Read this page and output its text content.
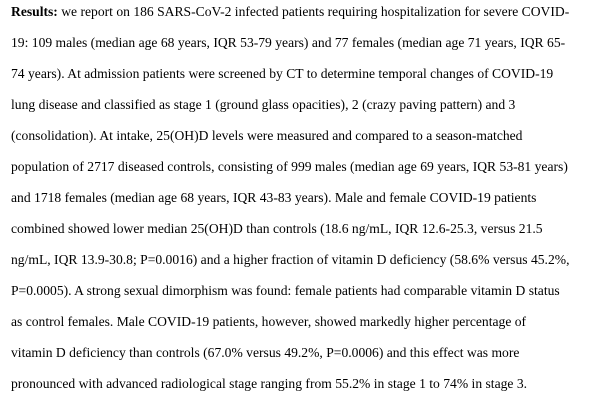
Results: we report on 186 SARS-CoV-2 infected patients requiring hospitalization for severe COVID-
19: 109 males (median age 68 years, IQR 53-79 years) and 77 females (median age 71 years, IQR 65-
74 years). At admission patients were screened by CT to determine temporal changes of COVID-19
lung disease and classified as stage 1 (ground glass opacities), 2 (crazy paving pattern) and 3
(consolidation). At intake, 25(OH)D levels were measured and compared to a season-matched
population of 2717 diseased controls, consisting of 999 males (median age 69 years, IQR 53-81 years)
and 1718 females (median age 68 years, IQR 43-83 years). Male and female COVID-19 patients
combined showed lower median 25(OH)D than controls (18.6 ng/mL, IQR 12.6-25.3, versus 21.5
ng/mL, IQR 13.9-30.8; P=0.0016) and a higher fraction of vitamin D deficiency (58.6% versus 45.2%,
P=0.0005). A strong sexual dimorphism was found: female patients had comparable vitamin D status
as control females. Male COVID-19 patients, however, showed markedly higher percentage of
vitamin D deficiency than controls (67.0% versus 49.2%, P=0.0006) and this effect was more
pronounced with advanced radiological stage ranging from 55.2% in stage 1 to 74% in stage 3.
